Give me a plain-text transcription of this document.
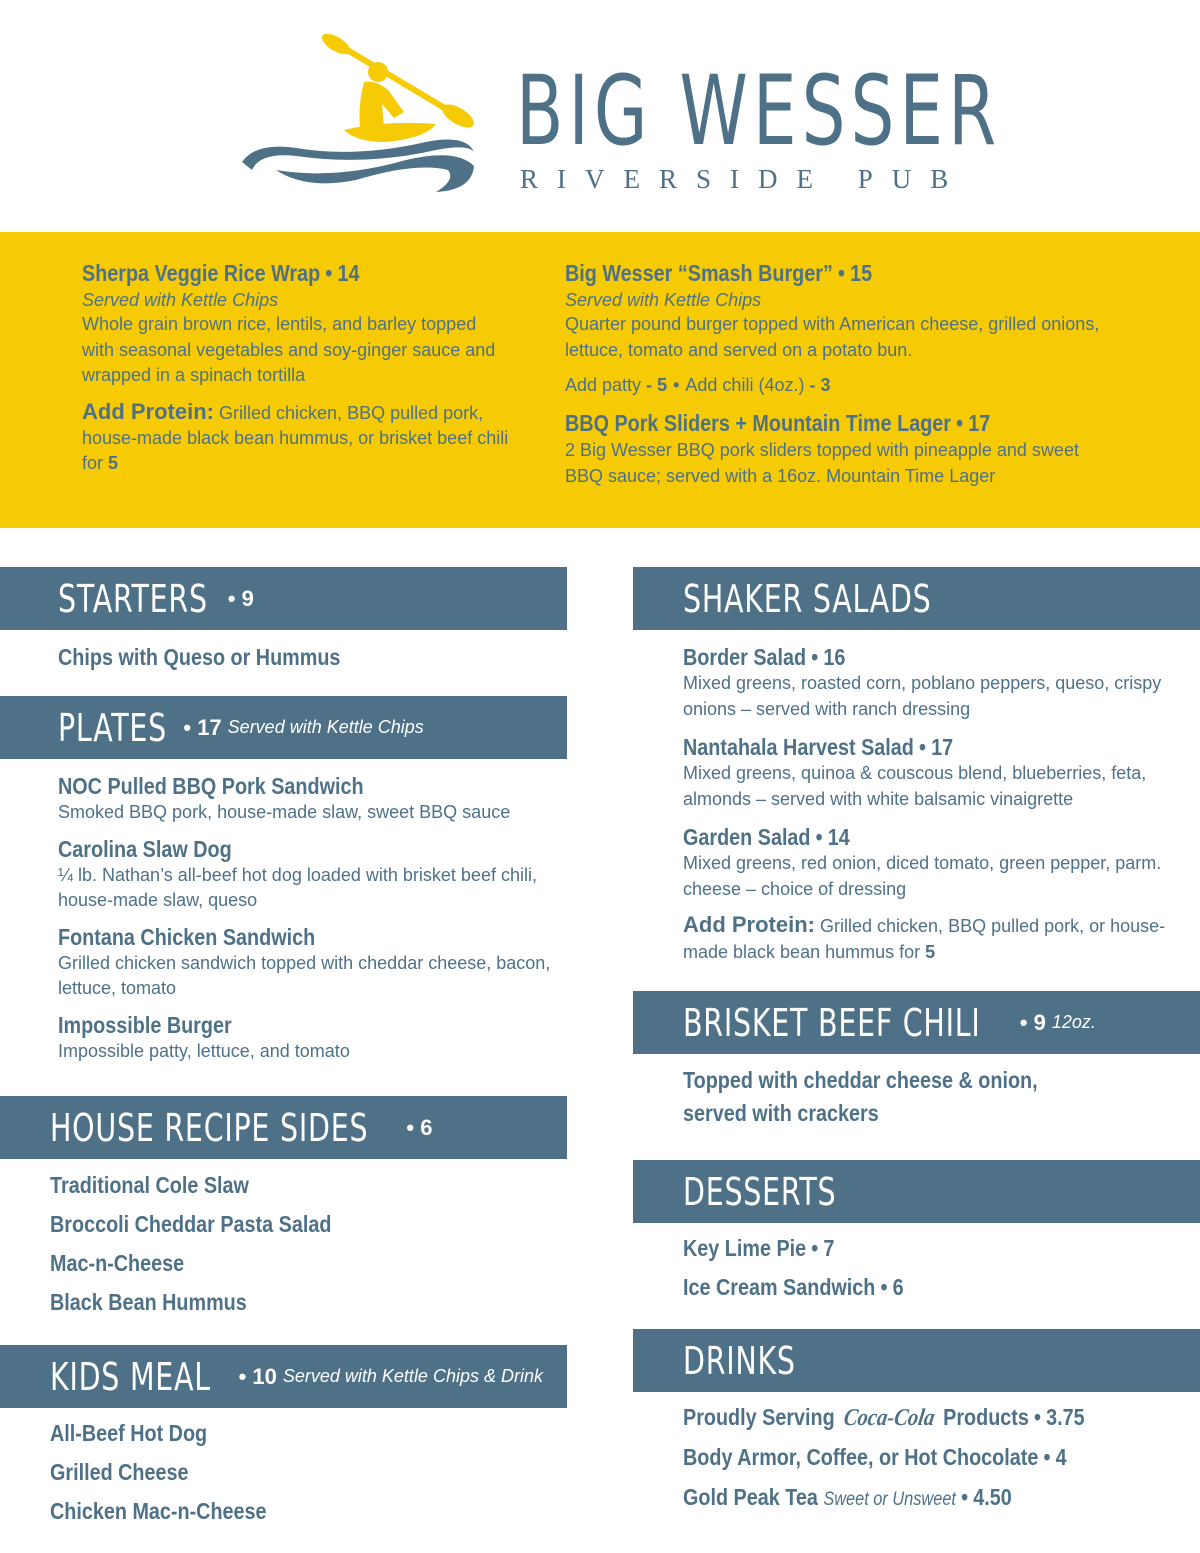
BIG WESSER
RIVERSIDE PUB
Sherpa Veggie Rice Wrap • 14
Served with Kettle Chips
Whole grain brown rice, lentils, and barley topped with seasonal vegetables and soy-ginger sauce and wrapped in a spinach tortilla
Add Protein: Grilled chicken, BBQ pulled pork, house-made black bean hummus, or brisket beef chili for 5
Big Wesser “Smash Burger” • 15
Served with Kettle Chips
Quarter pound burger topped with American cheese, grilled onions, lettuce, tomato and served on a potato bun.
Add patty - 5 • Add chili (4oz.) - 3
BBQ Pork Sliders + Mountain Time Lager • 17
2 Big Wesser BBQ pork sliders topped with pineapple and sweet BBQ sauce; served with a 16oz. Mountain Time Lager
STARTERS • 9
Chips with Queso or Hummus
PLATES • 17 Served with Kettle Chips
NOC Pulled BBQ Pork Sandwich
Smoked BBQ pork, house-made slaw, sweet BBQ sauce
Carolina Slaw Dog
¼ lb. Nathan’s all-beef hot dog loaded with brisket beef chili, house-made slaw, queso
Fontana Chicken Sandwich
Grilled chicken sandwich topped with cheddar cheese, bacon, lettuce, tomato
Impossible Burger
Impossible patty, lettuce, and tomato
HOUSE RECIPE SIDES • 6
Traditional Cole Slaw
Broccoli Cheddar Pasta Salad
Mac-n-Cheese
Black Bean Hummus
KIDS MEAL • 10 Served with Kettle Chips & Drink
All-Beef Hot Dog
Grilled Cheese
Chicken Mac-n-Cheese
SHAKER SALADS
Border Salad • 16
Mixed greens, roasted corn, poblano peppers, queso, crispy onions – served with ranch dressing
Nantahala Harvest Salad • 17
Mixed greens, quinoa & couscous blend, blueberries, feta, almonds – served with white balsamic vinaigrette
Garden Salad • 14
Mixed greens, red onion, diced tomato, green pepper, parm. cheese – choice of dressing
Add Protein: Grilled chicken, BBQ pulled pork, or house-made black bean hummus for 5
BRISKET BEEF CHILI • 9 12oz.
Topped with cheddar cheese & onion,
served with crackers
DESSERTS
Key Lime Pie • 7
Ice Cream Sandwich • 6
DRINKS
Proudly Serving Coca-Cola Products • 3.75
Body Armor, Coffee, or Hot Chocolate • 4
Gold Peak Tea Sweet or Unsweet • 4.50
